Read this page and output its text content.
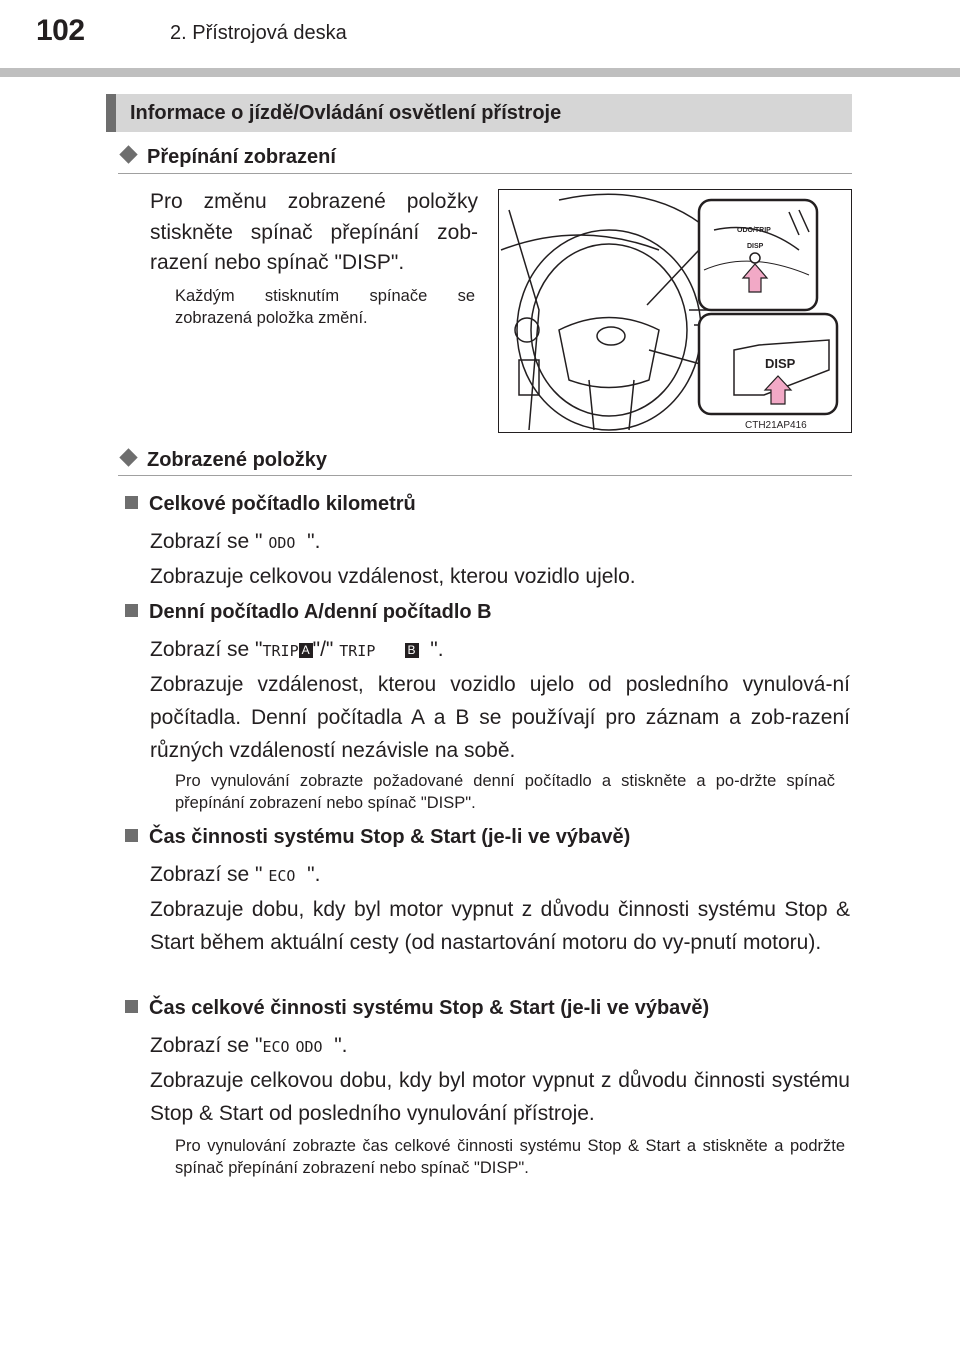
102	2. Přístrojová deska
Informace o jízdě/Ovládání osvětlení přístroje
Přepínání zobrazení
Pro změnu zobrazené položky stiskněte spínač přepínání zob-razení nebo spínač "DISP".
Každým stisknutím spínače se zobrazená položka změní.
ODO/TRIP
DISP
DISP
CTH21AP416
Zobrazené položky
Celkové počítadlo kilometrů
Zobrazí se " ODO ".
Zobrazuje celkovou vzdálenost, kterou vozidlo ujelo.
Denní počítadlo A/denní počítadlo B
Zobrazí se "TRIP A "/" TRIP	B ".
Zobrazuje vzdálenost, kterou vozidlo ujelo od posledního vynulová-ní počítadla. Denní počítadla A a B se používají pro záznam a zob-razení různých vzdáleností nezávisle na sobě.
Pro vynulování zobrazte požadované denní počítadlo a stiskněte a po-držte spínač přepínání zobrazení nebo spínač "DISP".
Čas činnosti systému Stop & Start (je-li ve výbavě)
Zobrazí se " ECO ".
Zobrazuje dobu, kdy byl motor vypnut z důvodu činnosti systému Stop & Start během aktuální cesty (od nastartování motoru do vy-pnutí motoru).
Čas celkové činnosti systému Stop & Start (je-li ve výbavě)
Zobrazí se "ECO ODO ".
Zobrazuje celkovou dobu, kdy byl motor vypnut z důvodu činnosti systému Stop & Start od posledního vynulování přístroje.
Pro vynulování zobrazte čas celkové činnosti systému Stop & Start a stiskněte a podržte spínač přepínání zobrazení nebo spínač "DISP".
